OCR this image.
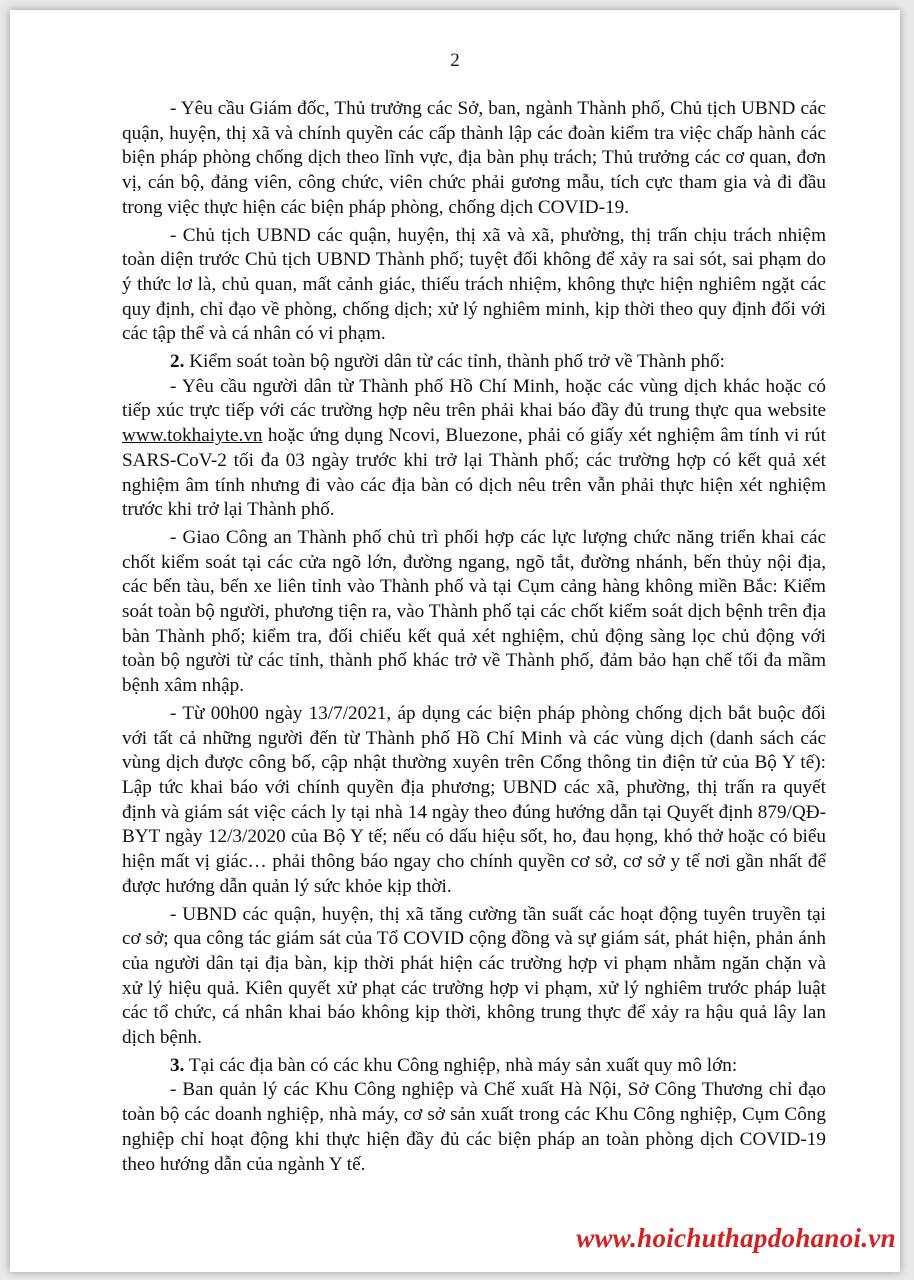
2

- Yêu cầu Giám đốc, Thủ trưởng các Sở, ban, ngành Thành phố, Chủ tịch UBND các quận, huyện, thị xã và chính quyền các cấp thành lập các đoàn kiểm tra việc chấp hành các biện pháp phòng chống dịch theo lĩnh vực, địa bàn phụ trách; Thủ trưởng các cơ quan, đơn vị, cán bộ, đảng viên, công chức, viên chức phải gương mẫu, tích cực tham gia và đi đầu trong việc thực hiện các biện pháp phòng, chống dịch COVID-19.

- Chủ tịch UBND các quận, huyện, thị xã và xã, phường, thị trấn chịu trách nhiệm toàn diện trước Chủ tịch UBND Thành phố; tuyệt đối không để xảy ra sai sót, sai phạm do ý thức lơ là, chủ quan, mất cảnh giác, thiếu trách nhiệm, không thực hiện nghiêm ngặt các quy định, chỉ đạo về phòng, chống dịch; xử lý nghiêm minh, kịp thời theo quy định đối với các tập thể và cá nhân có vi phạm.

2. Kiểm soát toàn bộ người dân từ các tỉnh, thành phố trở về Thành phố:

- Yêu cầu người dân từ Thành phố Hồ Chí Minh, hoặc các vùng dịch khác hoặc có tiếp xúc trực tiếp với các trường hợp nêu trên phải khai báo đầy đủ trung thực qua website www.tokhaiyte.vn hoặc ứng dụng Ncovi, Bluezone, phải có giấy xét nghiệm âm tính vi rút SARS-CoV-2 tối đa 03 ngày trước khi trở lại Thành phố; các trường hợp có kết quả xét nghiệm âm tính nhưng đi vào các địa bàn có dịch nêu trên vẫn phải thực hiện xét nghiệm trước khi trở lại Thành phố.

- Giao Công an Thành phố chủ trì phối hợp các lực lượng chức năng triển khai các chốt kiểm soát tại các cửa ngõ lớn, đường ngang, ngõ tắt, đường nhánh, bến thủy nội địa, các bến tàu, bến xe liên tỉnh vào Thành phố và tại Cụm cảng hàng không miền Bắc: Kiểm soát toàn bộ người, phương tiện ra, vào Thành phố tại các chốt kiểm soát dịch bệnh trên địa bàn Thành phố; kiểm tra, đối chiếu kết quả xét nghiệm, chủ động sàng lọc chủ động với toàn bộ người từ các tỉnh, thành phố khác trở về Thành phố, đảm bảo hạn chế tối đa mầm bệnh xâm nhập.

- Từ 00h00 ngày 13/7/2021, áp dụng các biện pháp phòng chống dịch bắt buộc đối với tất cả những người đến từ Thành phố Hồ Chí Minh và các vùng dịch (danh sách các vùng dịch được công bố, cập nhật thường xuyên trên Cổng thông tin điện tử của Bộ Y tế): Lập tức khai báo với chính quyền địa phương; UBND các xã, phường, thị trấn ra quyết định và giám sát việc cách ly tại nhà 14 ngày theo đúng hướng dẫn tại Quyết định 879/QĐ-BYT ngày 12/3/2020 của Bộ Y tế; nếu có dấu hiệu sốt, ho, đau họng, khó thở hoặc có biểu hiện mất vị giác… phải thông báo ngay cho chính quyền cơ sở, cơ sở y tế nơi gần nhất để được hướng dẫn quản lý sức khỏe kịp thời.

- UBND các quận, huyện, thị xã tăng cường tần suất các hoạt động tuyên truyền tại cơ sở; qua công tác giám sát của Tổ COVID cộng đồng và sự giám sát, phát hiện, phản ánh của người dân tại địa bàn, kịp thời phát hiện các trường hợp vi phạm nhằm ngăn chặn và xử lý hiệu quả. Kiên quyết xử phạt các trường hợp vi phạm, xử lý nghiêm trước pháp luật các tổ chức, cá nhân khai báo không kịp thời, không trung thực để xảy ra hậu quả lây lan dịch bệnh.

3. Tại các địa bàn có các khu Công nghiệp, nhà máy sản xuất quy mô lớn:

- Ban quản lý các Khu Công nghiệp và Chế xuất Hà Nội, Sở Công Thương chỉ đạo toàn bộ các doanh nghiệp, nhà máy, cơ sở sản xuất trong các Khu Công nghiệp, Cụm Công nghiệp chỉ hoạt động khi thực hiện đầy đủ các biện pháp an toàn phòng dịch COVID-19 theo hướng dẫn của ngành Y tế.

www.hoichuthapdohanoi.vn
